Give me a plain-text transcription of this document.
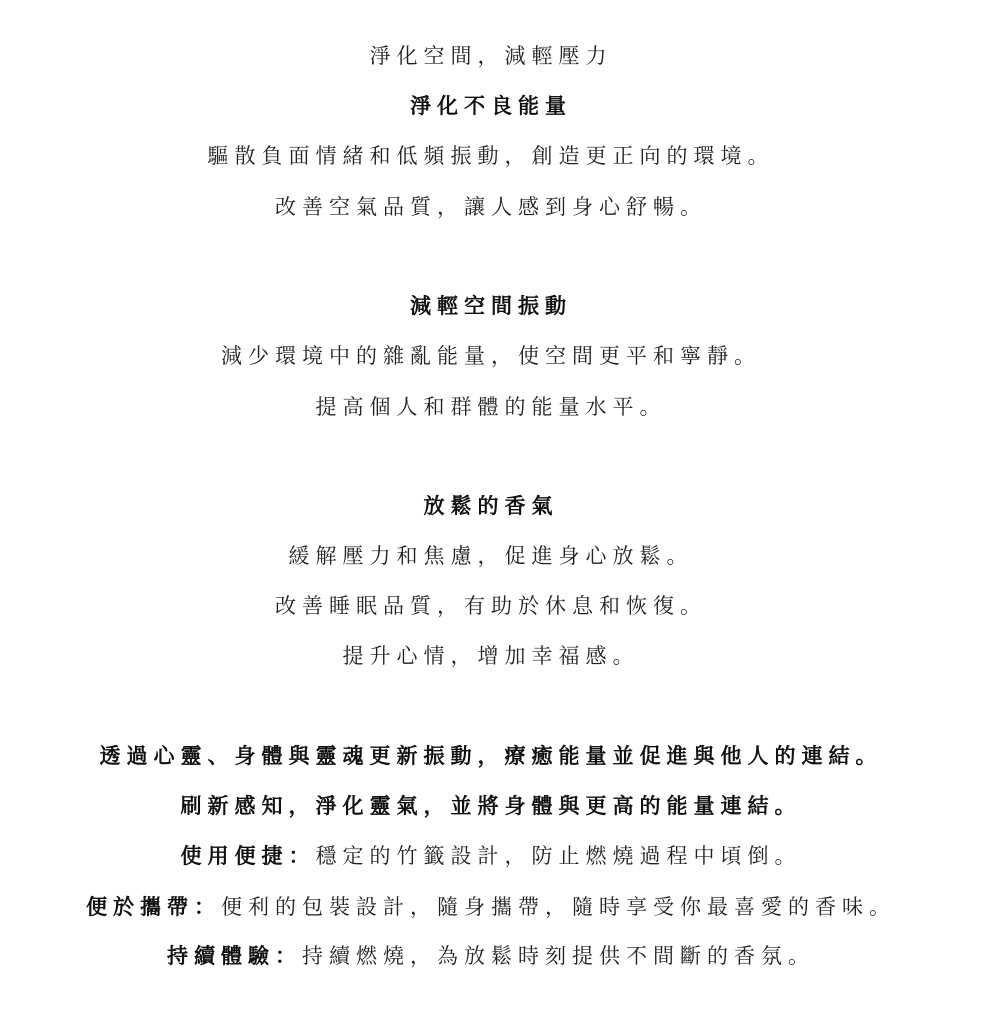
淨化空間，減輕壓力
淨化不良能量
驅散負面情緒和低頻振動，創造更正向的環境。
改善空氣品質，讓人感到身心舒暢。
減輕空間振動
減少環境中的雜亂能量，使空間更平和寧靜。
提高個人和群體的能量水平。
放鬆的香氣
緩解壓力和焦慮，促進身心放鬆。
改善睡眠品質，有助於休息和恢復。
提升心情，增加幸福感。
透過心靈、身體與靈魂更新振動，療癒能量並促進與他人的連結。
刷新感知，淨化靈氣，並將身體與更高的能量連結。
使用便捷：穩定的竹籤設計，防止燃燒過程中頃倒。
便於攜帶：便利的包裝設計，隨身攜帶，隨時享受你最喜愛的香味。
持續體驗：持續燃燒，為放鬆時刻提供不間斷的香氛。
